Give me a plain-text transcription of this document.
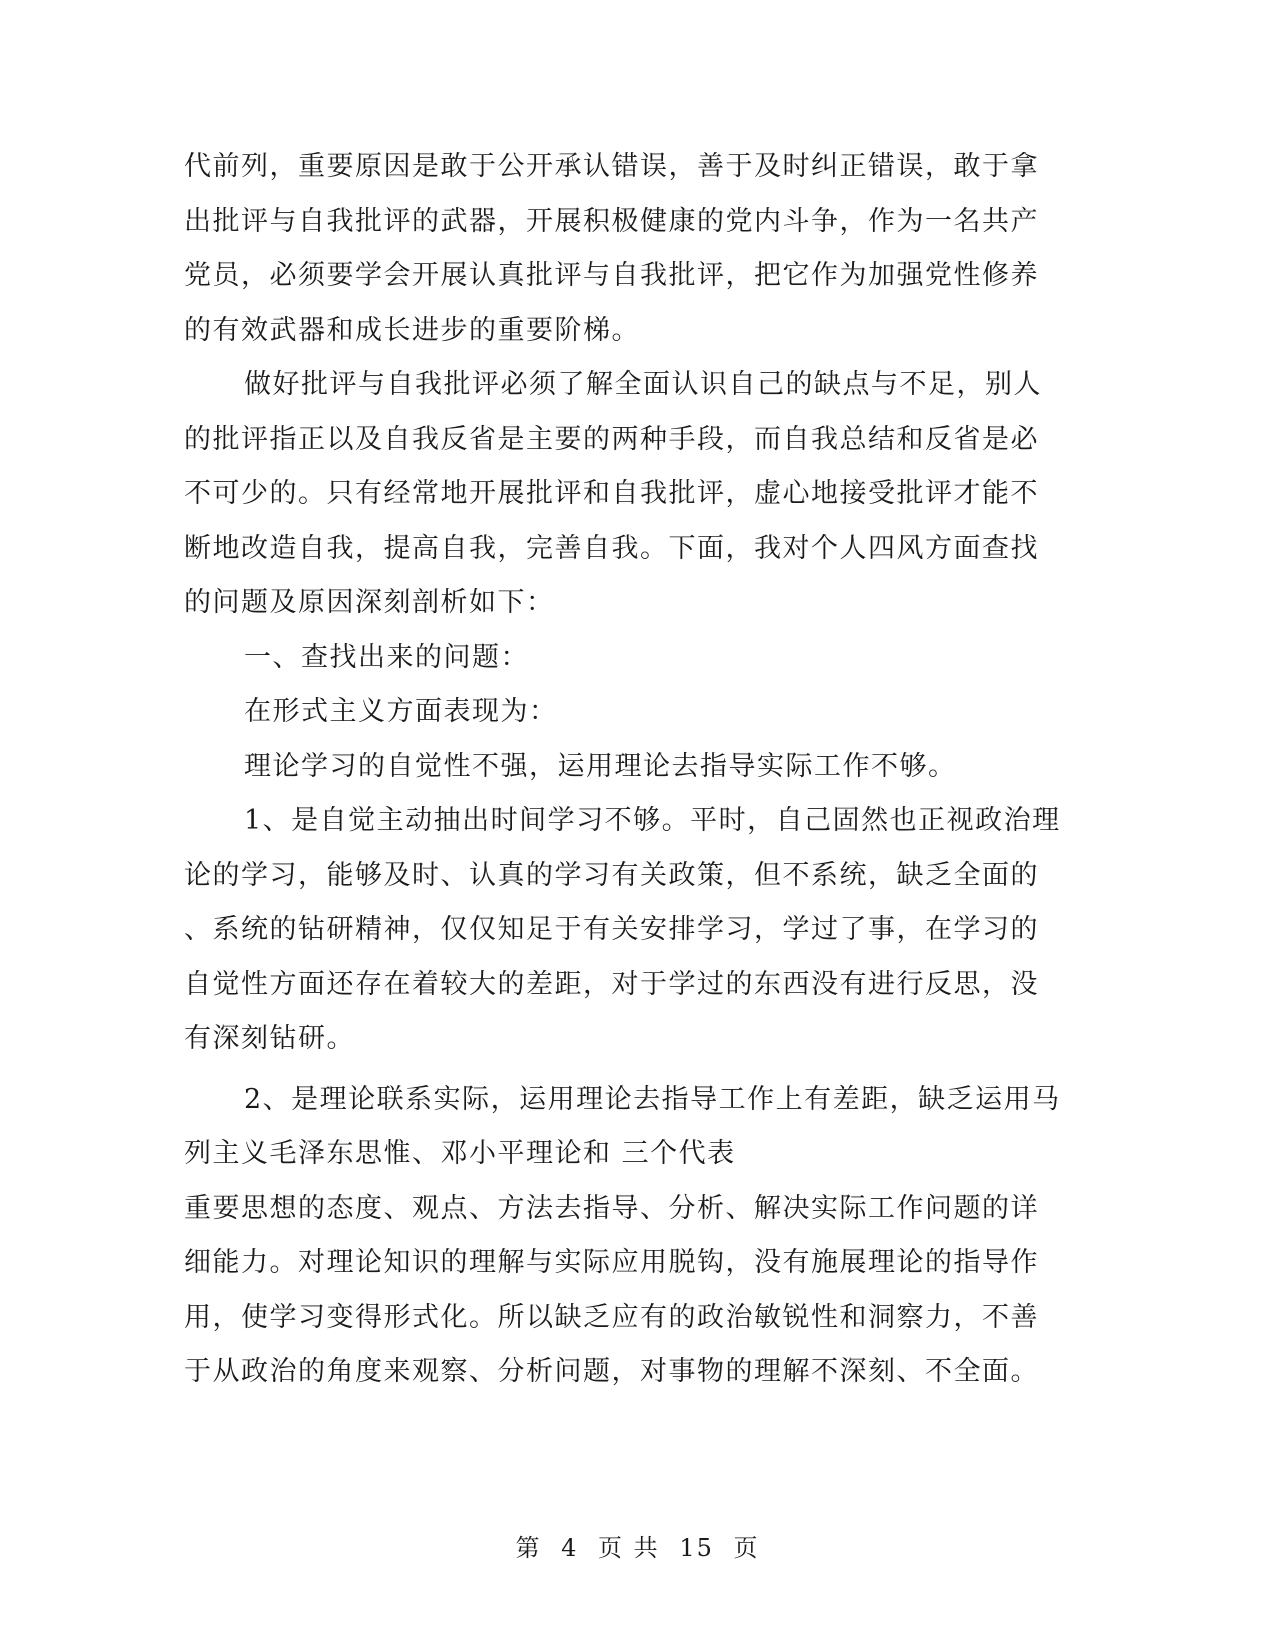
代前列，重要原因是敢于公开承认错误，善于及时纠正错误，敢于拿
出批评与自我批评的武器，开展积极健康的党内斗争，作为一名共产
党员，必须要学会开展认真批评与自我批评，把它作为加强党性修养
的有效武器和成长进步的重要阶梯。
做好批评与自我批评必须了解全面认识自己的缺点与不足，别人
的批评指正以及自我反省是主要的两种手段，而自我总结和反省是必
不可少的。只有经常地开展批评和自我批评，虚心地接受批评才能不
断地改造自我，提高自我，完善自我。下面，我对个人四风方面查找
的问题及原因深刻剖析如下：
一、查找出来的问题：
在形式主义方面表现为：
理论学习的自觉性不强，运用理论去指导实际工作不够。
1、是自觉主动抽出时间学习不够。平时，自己固然也正视政治理
论的学习，能够及时、认真的学习有关政策，但不系统，缺乏全面的
、系统的钻研精神，仅仅知足于有关安排学习，学过了事，在学习的
自觉性方面还存在着较大的差距，对于学过的东西没有进行反思，没
有深刻钻研。
2、是理论联系实际，运用理论去指导工作上有差距，缺乏运用马
列主义毛泽东思惟、邓小平理论和 三个代表
重要思想的态度、观点、方法去指导、分析、解决实际工作问题的详
细能力。对理论知识的理解与实际应用脱钩，没有施展理论的指导作
用，使学习变得形式化。所以缺乏应有的政治敏锐性和洞察力，不善
于从政治的角度来观察、分析问题，对事物的理解不深刻、不全面。
第 4 页 共 15 页
